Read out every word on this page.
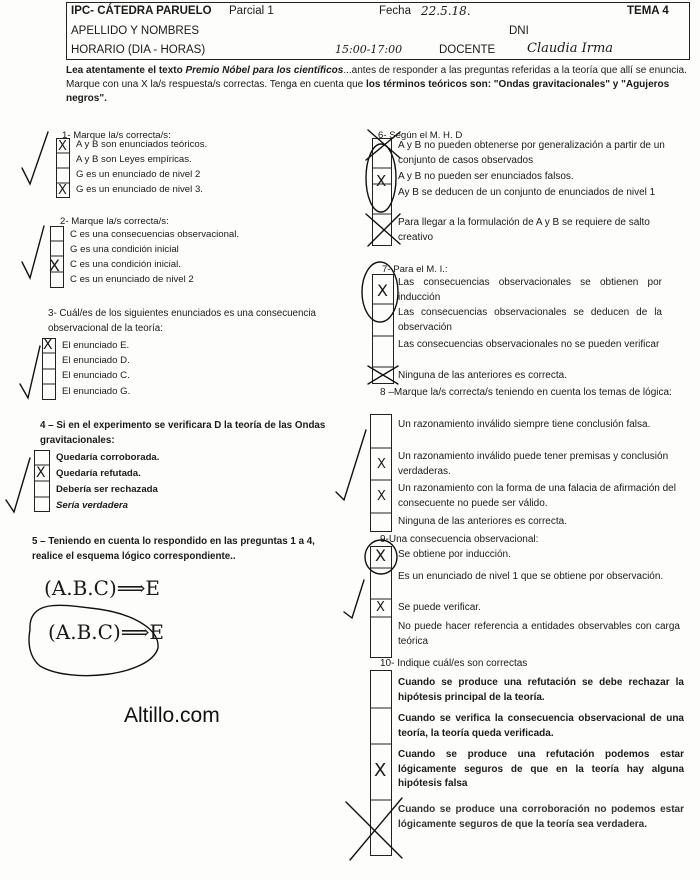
IPC- CÁTEDRA PARUELO Parcial 1	Fecha 22.5.18.	TEMA 4
APELLIDO Y NOMBRES	DNI
HORARIO (DIA - HORAS)	15:00-17:00	DOCENTE Claudia Irma
Lea atentamente el texto Premio Nóbel para los científicos...antes de responder a las preguntas referidas a la teoría que allí se enuncia. Marque con una X la/s respuesta/s correctas. Tenga en cuenta que los términos teóricos son: "Ondas gravitacionales" y "Agujeros negros".
1- Marque la/s correcta/s:
A y B son enunciados teóricos.
A y B son Leyes empíricas.
G es un enunciado de nivel 2
G es un enunciado de nivel 3.
X
X
2- Marque la/s correcta/s:
C es una consecuencias observacional.
G es una condición inicial
C es una condición inicial.
C es un enunciado de nivel 2
X
3- Cuál/es de los siguientes enunciados es una consecuencia observacional de la teoría:
El enunciado E.
El enunciado D.
El enunciado C.
El enunciado G.
X
4 – Si en el experimento se verificara D la teoría de las Ondas gravitacionales:
Quedaría corroborada.
Quedaría refutada.
Debería ser rechazada
Sería verdadera
X
5 – Teniendo en cuenta lo respondido en las preguntas 1 a 4, realice el esquema lógico correspondiente..
(A.B.C)⟹E
(A.B.C)⟹E
Altillo.com
6- Según el M. H. D
A y B no pueden obtenerse por generalización a partir de un conjunto de casos observados
A y B no pueden ser enunciados falsos.
Ay B se deducen de un conjunto de enunciados de nivel 1
Para llegar a la formulación de A y B se requiere de salto creativo
X
7- Para el M. I.:
Las consecuencias observacionales se obtienen por inducción
Las consecuencias observacionales se deducen de la observación
Las consecuencias observacionales no se pueden verificar
Ninguna de las anteriores es correcta.
X
8 –Marque la/s correcta/s teniendo en cuenta los temas de lógica:
Un razonamiento inválido siempre tiene conclusión falsa.
Un razonamiento inválido puede tener premisas y conclusión verdaderas.
Un razonamiento con la forma de una falacia de afirmación del consecuente no puede ser válido.
Ninguna de las anteriores es correcta.
X
X
9-Una consecuencia observacional:
Se obtiene por inducción.
Es un enunciado de nivel 1 que se obtiene por observación.
Se puede verificar.
No puede hacer referencia a entidades observables con carga teórica
X
X
10- Indique cuál/es son correctas
Cuando se produce una refutación se debe rechazar la hipótesis principal de la teoría.
Cuando se verifica la consecuencia observacional de una teoría, la teoría queda verificada.
Cuando se produce una refutación podemos estar lógicamente seguros de que en la teoría hay alguna hipótesis falsa
Cuando se produce una corroboración no podemos estar lógicamente seguros de que la teoría sea verdadera.
X
